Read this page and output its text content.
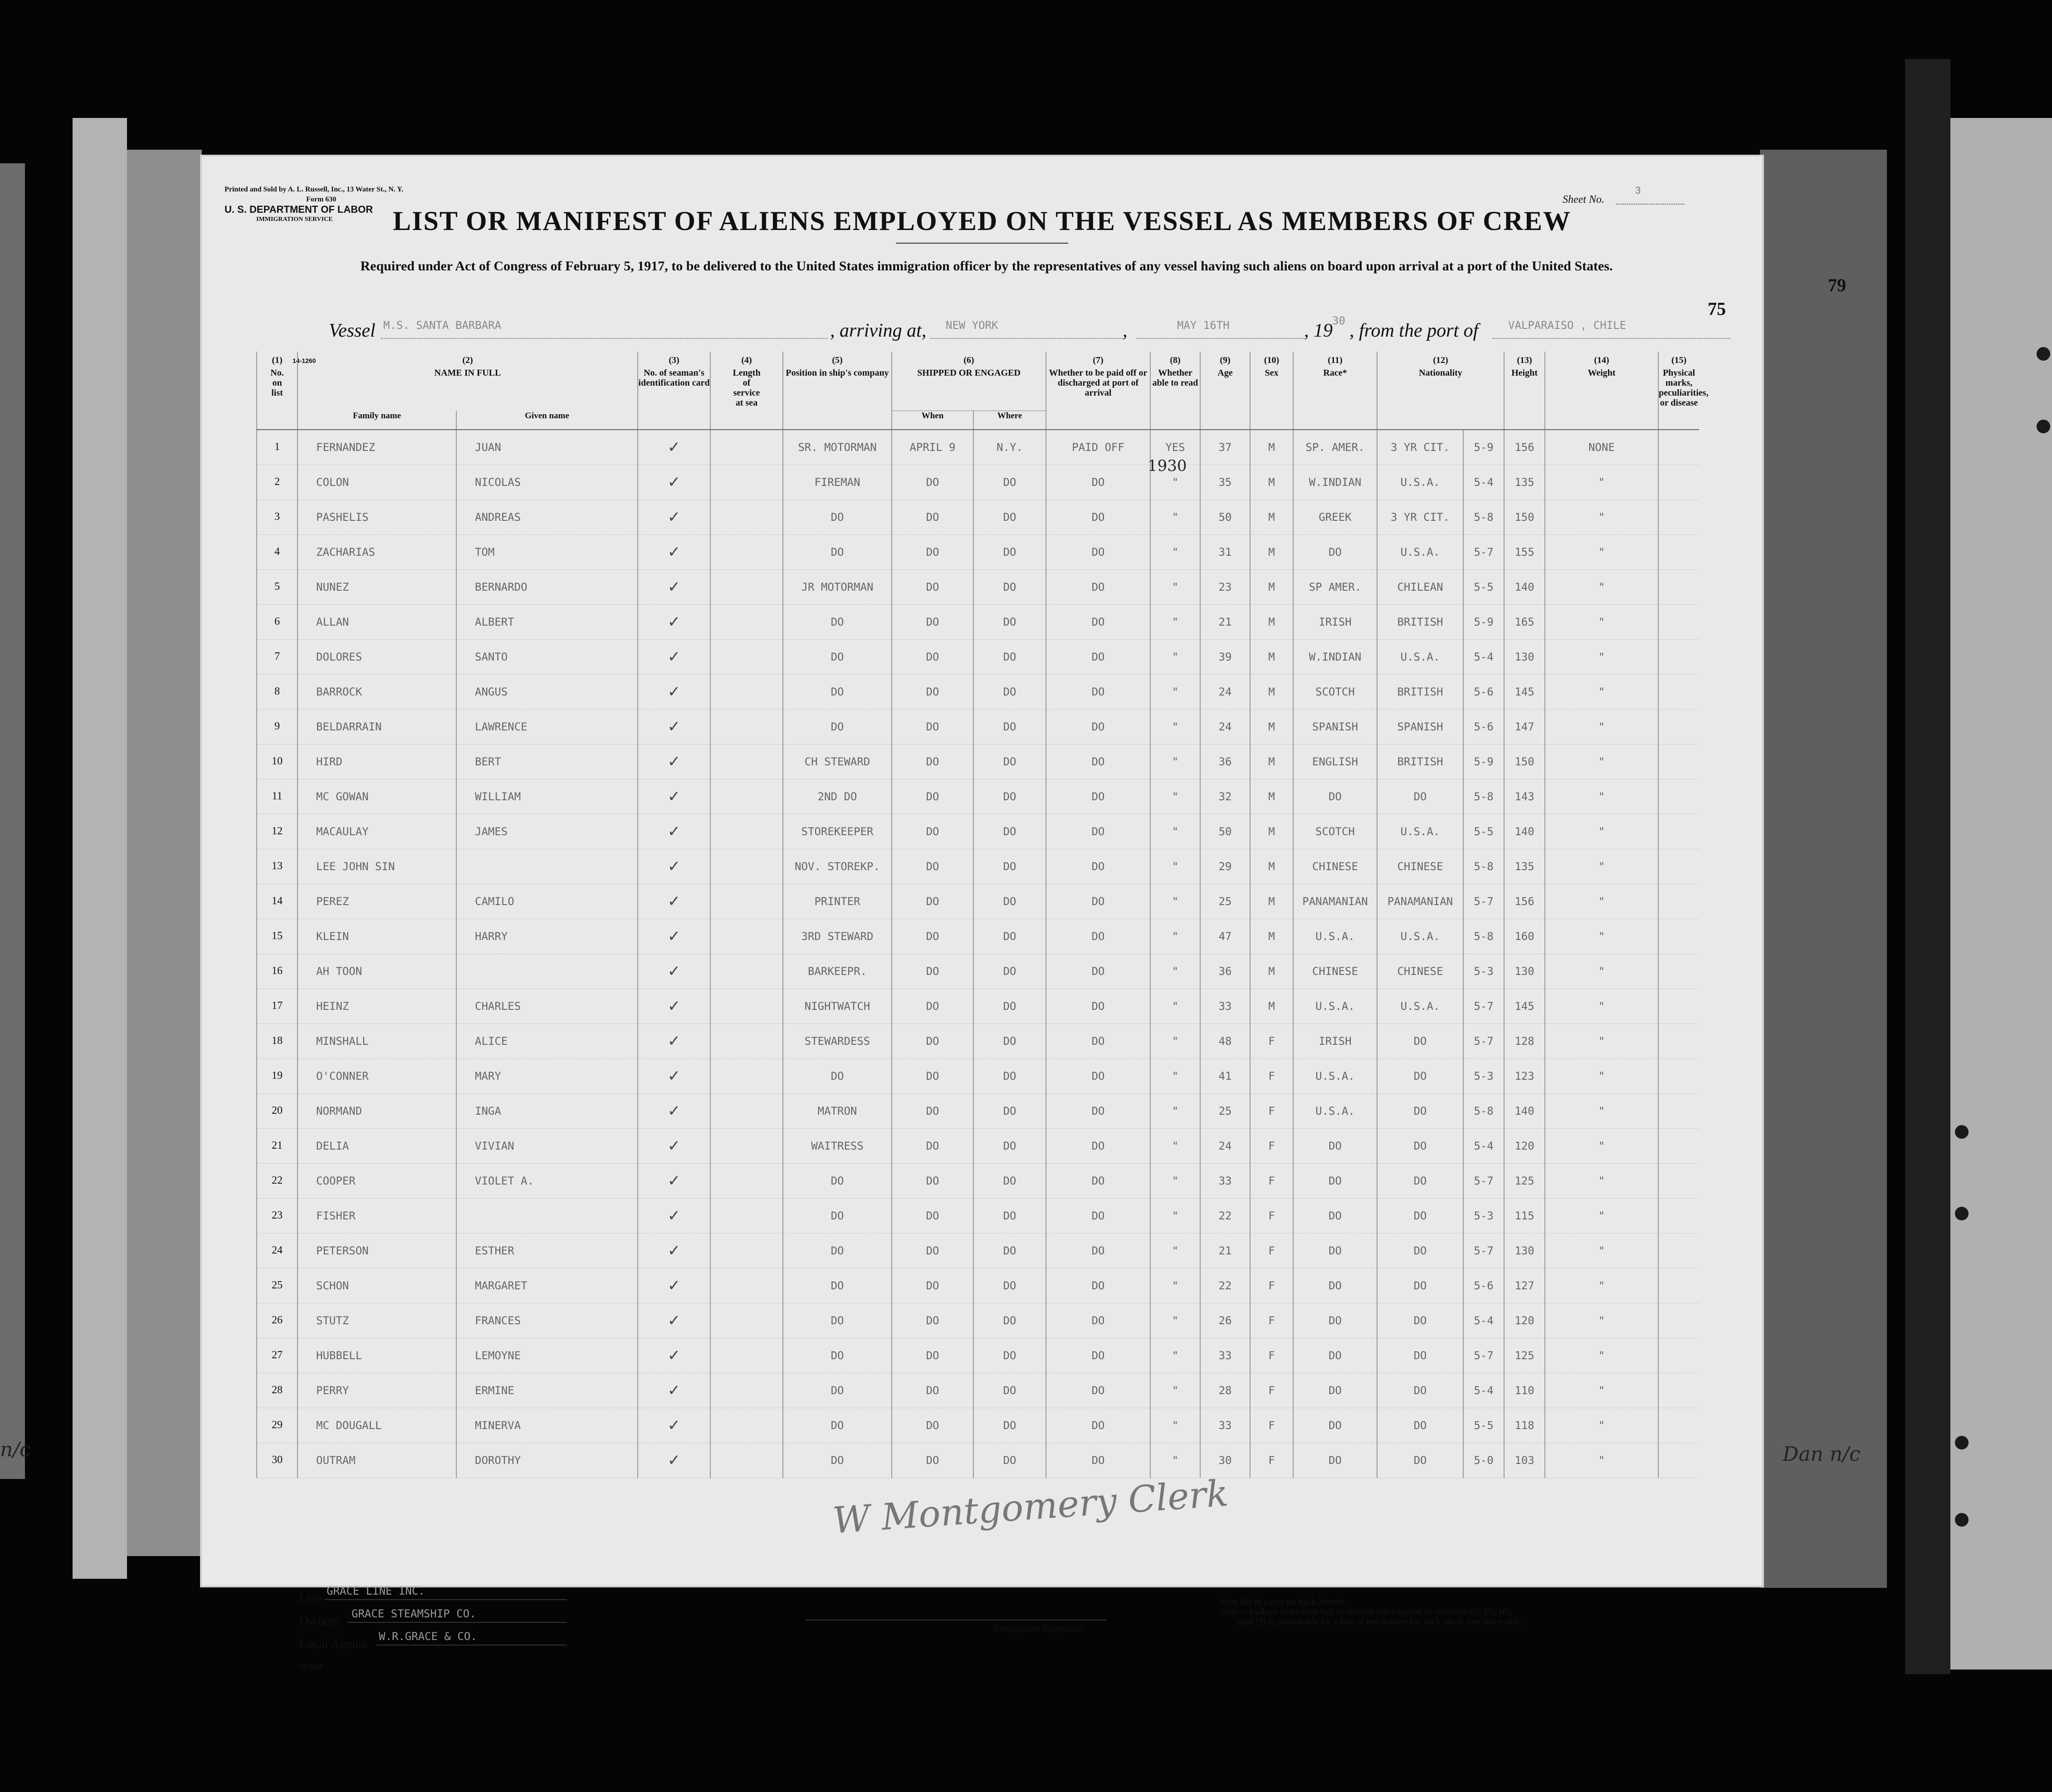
n/c	Dan n/c
Printed and Sold by A. L. Russell, Inc., 13 Water St., N. Y.
Form 630
U. S. DEPARTMENT OF LABOR
IMMIGRATION SERVICE
Sheet No.
3
LIST OR MANIFEST OF ALIENS EMPLOYED ON THE VESSEL AS MEMBERS OF CREW
Required under Act of Congress of February 5, 1917, to be delivered to the United States immigration officer by the representatives of any vessel having such aliens on board upon arrival at a port of the United States.
Vessel M.S. SANTA BARBARA	, arriving at, NEW YORK	,	MAY 16TH	, 19 30 , from the port of	VALPARAISO , CHILE
75
14-1260
(1)
No. on list	(2)
NAME IN FULL		(3)
No. of seaman's identification card	(4)
Length of service at sea	(5)
Position in ship's company	(6)
SHIPPED OR ENGAGED		(7)
Whether to be paid off or discharged at port of arrival	(8)
Whether able to read	(9)
Age	(10)
Sex	(11)
Race*	(12)
Nationality		(13)
Height	(14)
Weight	(15)
Physical marks, peculiarities, or disease

	Family name	Given name				When	Where										
1	FERNANDEZ	JUAN	✓		SR. MOTORMAN	APRIL 9	N.Y.	PAID OFF	YES	37	M	SP. AMER.	3 YR CIT.	5-9	156	NONE	
2	COLON	NICOLAS	✓		FIREMAN	DO	DO	DO	"	35	M	W.INDIAN	U.S.A.	5-4	135	"	
3	PASHELIS	ANDREAS	✓		DO	DO	DO	DO	"	50	M	GREEK	3 YR CIT.	5-8	150	"	
4	ZACHARIAS	TOM	✓		DO	DO	DO	DO	"	31	M	DO	U.S.A.	5-7	155	"	
5	NUNEZ	BERNARDO	✓		JR MOTORMAN	DO	DO	DO	"	23	M	SP AMER.	CHILEAN	5-5	140	"	
6	ALLAN	ALBERT	✓		DO	DO	DO	DO	"	21	M	IRISH	BRITISH	5-9	165	"	
7	DOLORES	SANTO	✓		DO	DO	DO	DO	"	39	M	W.INDIAN	U.S.A.	5-4	130	"	
8	BARROCK	ANGUS	✓		DO	DO	DO	DO	"	24	M	SCOTCH	BRITISH	5-6	145	"	
9	BELDARRAIN	LAWRENCE	✓		DO	DO	DO	DO	"	24	M	SPANISH	SPANISH	5-6	147	"	
10	HIRD	BERT	✓		CH STEWARD	DO	DO	DO	"	36	M	ENGLISH	BRITISH	5-9	150	"	
11	MC GOWAN	WILLIAM	✓		2ND DO	DO	DO	DO	"	32	M	DO	DO	5-8	143	"	
12	MACAULAY	JAMES	✓		STOREKEEPER	DO	DO	DO	"	50	M	SCOTCH	U.S.A.	5-5	140	"	
13	LEE JOHN SIN		✓		NOV. STOREKP.	DO	DO	DO	"	29	M	CHINESE	CHINESE	5-8	135	"	
14	PEREZ	CAMILO	✓		PRINTER	DO	DO	DO	"	25	M	PANAMANIAN	PANAMANIAN	5-7	156	"	
15	KLEIN	HARRY	✓		3RD STEWARD	DO	DO	DO	"	47	M	U.S.A.	U.S.A.	5-8	160	"	
16	AH TOON		✓		BARKEEPR.	DO	DO	DO	"	36	M	CHINESE	CHINESE	5-3	130	"	
17	HEINZ	CHARLES	✓		NIGHTWATCH	DO	DO	DO	"	33	M	U.S.A.	U.S.A.	5-7	145	"	
18	MINSHALL	ALICE	✓		STEWARDESS	DO	DO	DO	"	48	F	IRISH	DO	5-7	128	"	
19	O'CONNER	MARY	✓		DO	DO	DO	DO	"	41	F	U.S.A.	DO	5-3	123	"	
20	NORMAND	INGA	✓		MATRON	DO	DO	DO	"	25	F	U.S.A.	DO	5-8	140	"	
21	DELIA	VIVIAN	✓		WAITRESS	DO	DO	DO	"	24	F	DO	DO	5-4	120	"	
22	COOPER	VIOLET A.	✓		DO	DO	DO	DO	"	33	F	DO	DO	5-7	125	"	
23	FISHER		✓		DO	DO	DO	DO	"	22	F	DO	DO	5-3	115	"	
24	PETERSON	ESTHER	✓		DO	DO	DO	DO	"	21	F	DO	DO	5-7	130	"	
25	SCHON	MARGARET	✓		DO	DO	DO	DO	"	22	F	DO	DO	5-6	127	"	
26	STUTZ	FRANCES	✓		DO	DO	DO	DO	"	26	F	DO	DO	5-4	120	"	
27	HUBBELL	LEMOYNE	✓		DO	DO	DO	DO	"	33	F	DO	DO	5-7	125	"	
28	PERRY	ERMINE	✓		DO	DO	DO	DO	"	28	F	DO	DO	5-4	110	"	
29	MC DOUGALL	MINERVA	✓		DO	DO	DO	DO	"	33	F	DO	DO	5-5	118	"	
30	OUTRAM	DOROTHY	✓		DO	DO	DO	DO	"	30	F	DO	DO	5-0	103	"	
1930
Line
GRACE LINE INC.
Owners
GRACE STEAMSHIP CO.
Local Agents
W.R.GRACE & CO.
14-1260
Immigrant Inspector.
*See list of races on back hereof.
Note.—Failure to furnish full or correct information in columns (2), (5), (6),
and (7) is punishable by a fine of ten dollars for each alien. See other side.
W Montgomery Clerk
79
